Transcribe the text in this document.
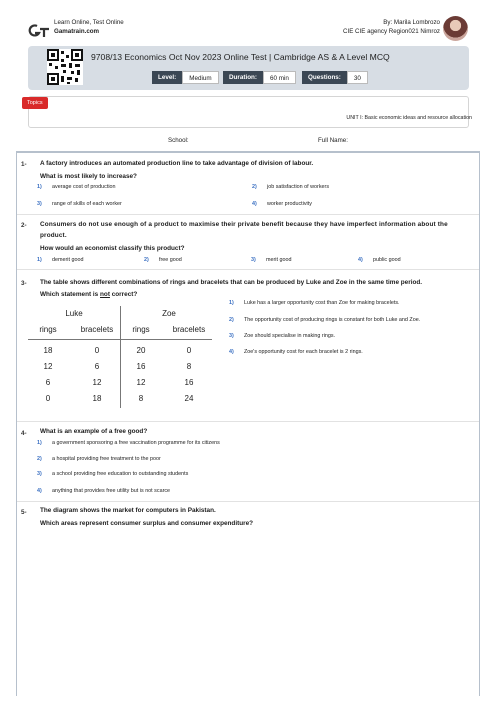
Learn Online, Test Online
Gamatrain.com
By: Marila Lombrozo
CIE CIE agency Region021 Nimroz
9708/13 Economics Oct Nov 2023 Online Test | Cambridge AS & A Level MCQ
Level:	Medium	Duration:	60 min	Questions:	30
Topics
UNIT I: Basic economic ideas and resource allocation
School:	Full Name:
1- A factory introduces an automated production line to take advantage of division of labour.
What is most likely to increase?
1) average cost of production	2) job satisfaction of workers
3) range of skills of each worker	4) worker productivity
2- Consumers do not use enough of a product to maximise their private benefit because they have imperfect information about the product.
How would an economist classify this product?
1) demerit good	2) free good	3) merit good	4) public good
3- The table shows different combinations of rings and bracelets that can be produced by Luke and Zoe in the same time period.
Which statement is not correct?
Luke	Zoe
rings	bracelets	rings	bracelets
18	0	20	0
12	6	16	8
6	12	12	16
0	18	8	24
1) Luke has a larger opportunity cost than Zoe for making bracelets.
2) The opportunity cost of producing rings is constant for both Luke and Zoe.
3) Zoe should specialise in making rings.
4) Zoe's opportunity cost for each bracelet is 2 rings.
4- What is an example of a free good?
1) a government sponsoring a free vaccination programme for its citizens
2) a hospital providing free treatment to the poor
3) a school providing free education to outstanding students
4) anything that provides free utility but is not scarce
5- The diagram shows the market for computers in Pakistan.
Which areas represent consumer surplus and consumer expenditure?
